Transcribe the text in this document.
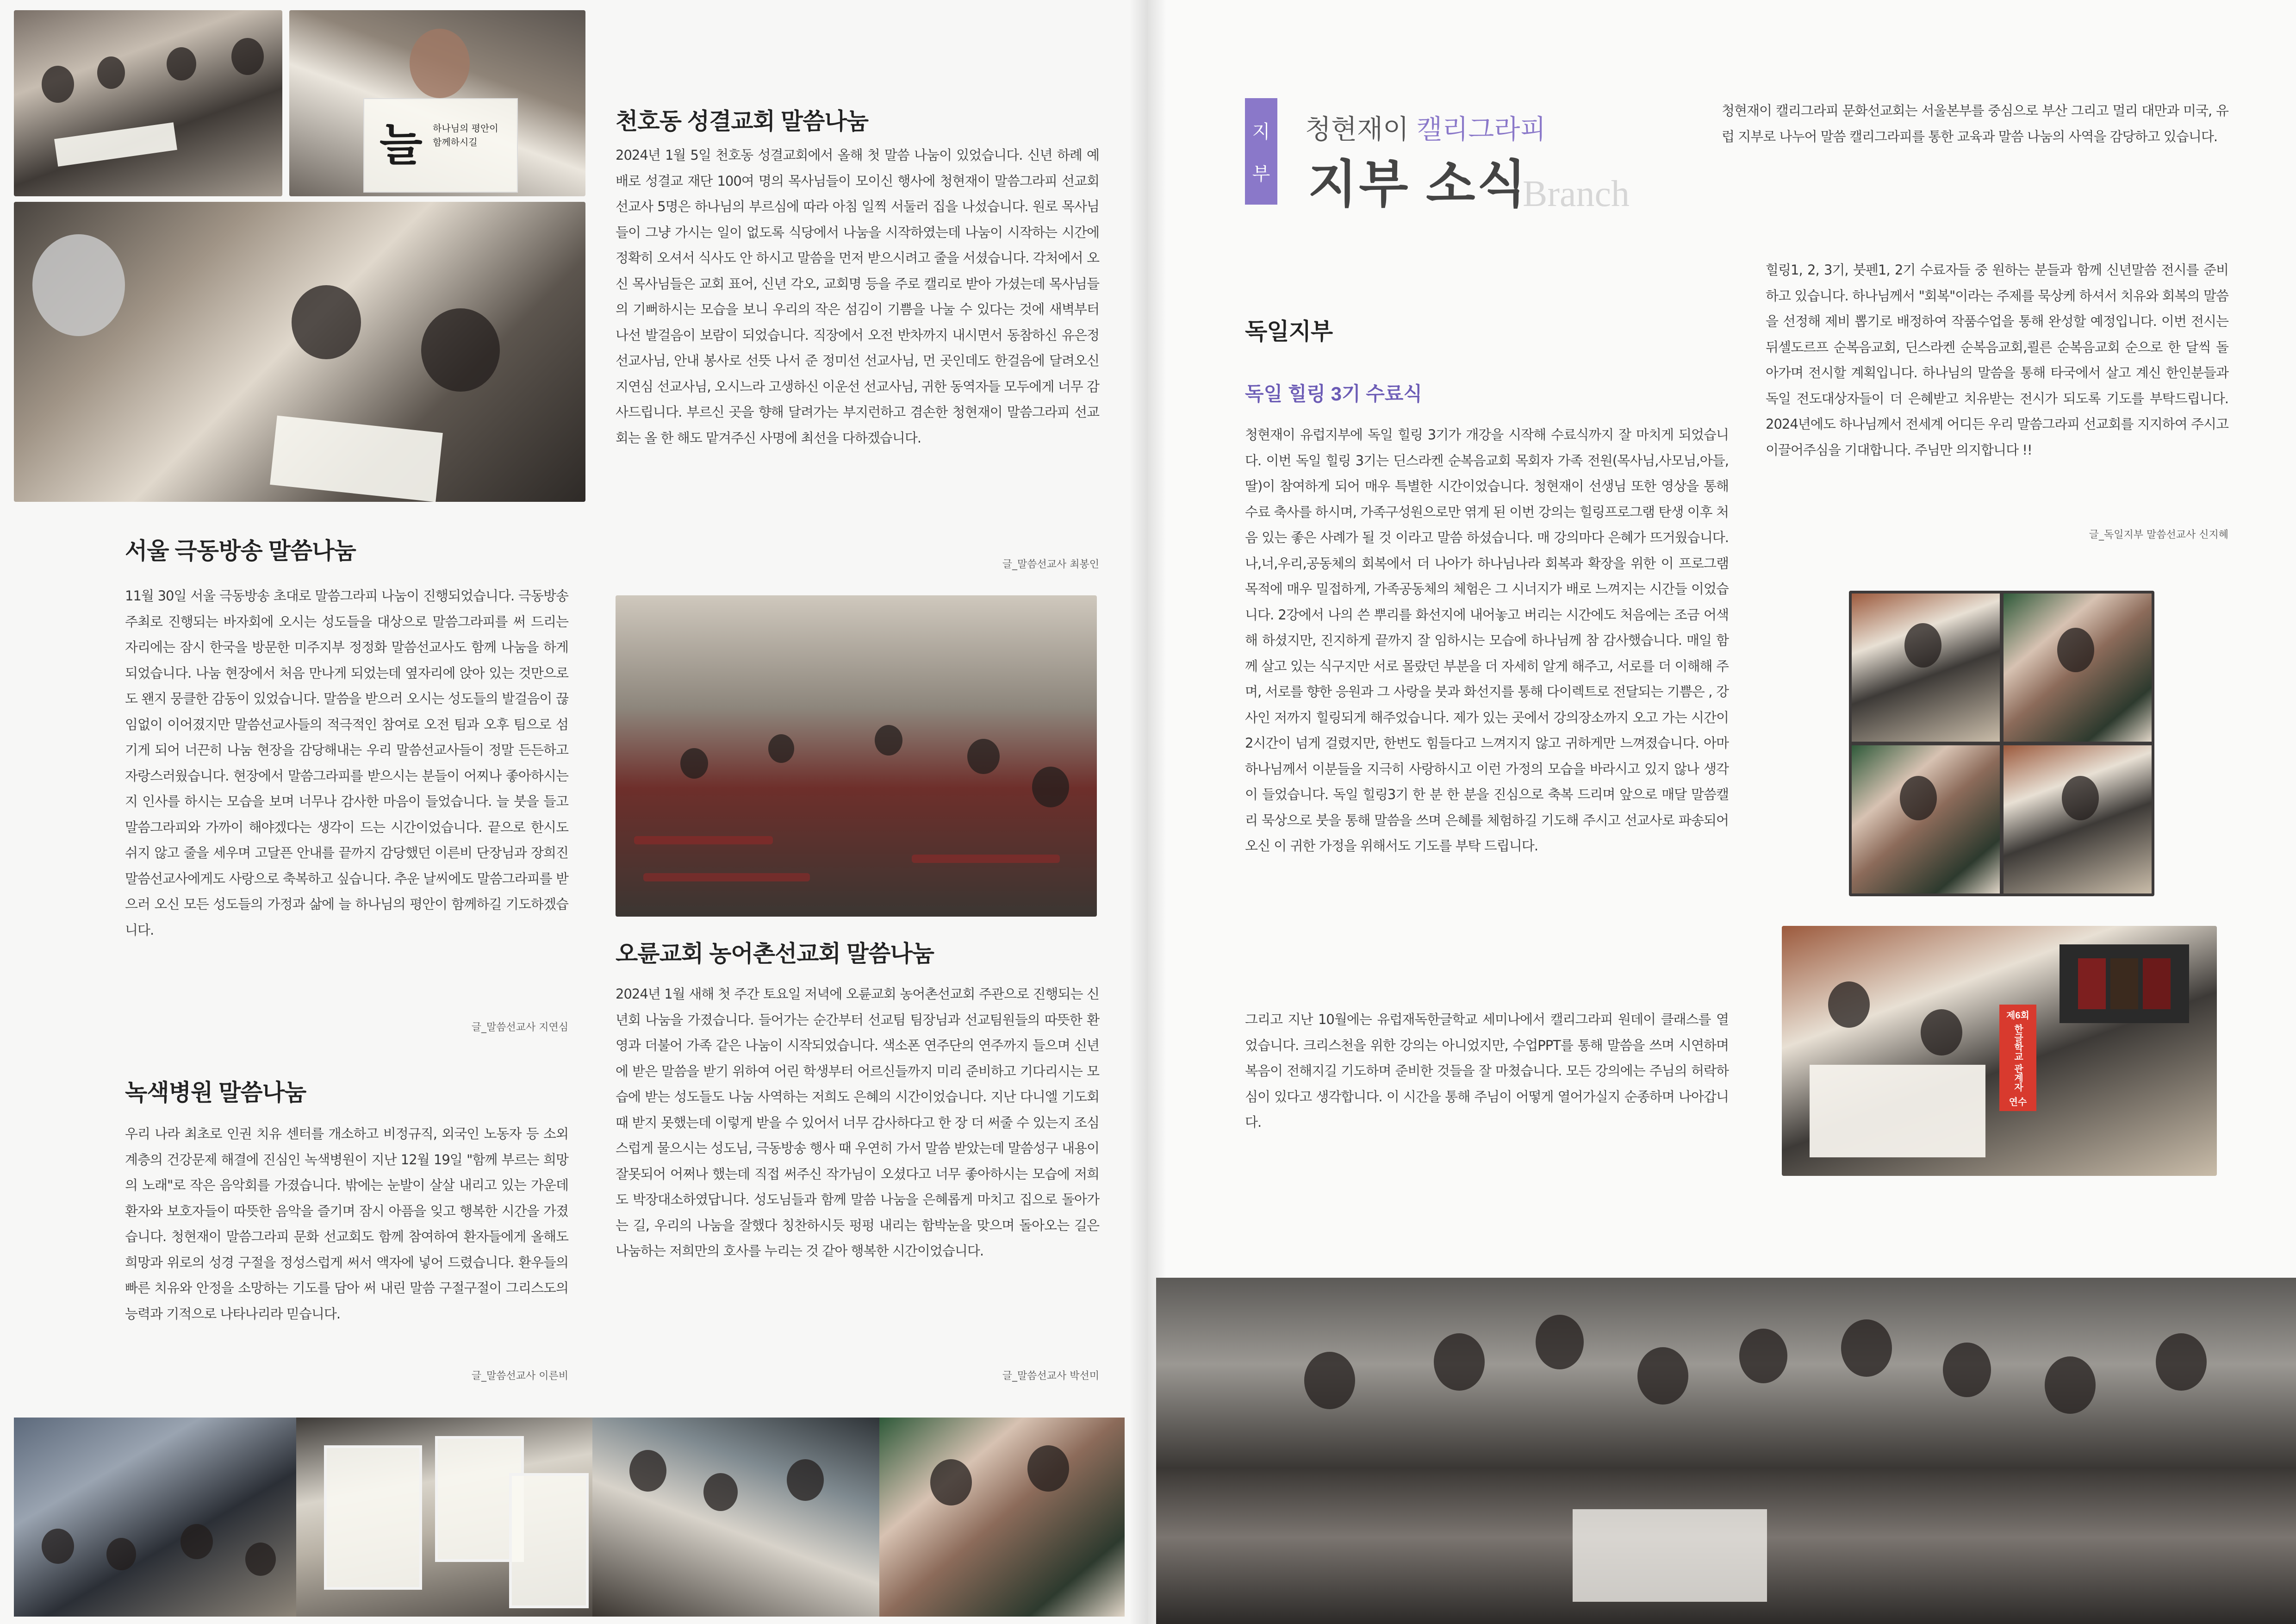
늘 하나님의 평안이 함께하시길
서울 극동방송 말씀나눔
11월 30일 서울 극동방송 초대로 말씀그라피 나눔이 진행되었습니다. 극동방송 주최로 진행되는 바자회에 오시는 성도들을 대상으로 말씀그라피를 써 드리는 자리에는 잠시 한국을 방문한 미주지부 정정화 말씀선교사도 함께 나눔을 하게 되었습니다. 나눔 현장에서 처음 만나게 되었는데 옆자리에 앉아 있는 것만으로도 왠지 뭉클한 감동이 있었습니다. 말씀을 받으러 오시는 성도들의 발걸음이 끊임없이 이어졌지만 말씀선교사들의 적극적인 참여로 오전 팀과 오후 팀으로 섬기게 되어 너끈히 나눔 현장을 감당해내는 우리 말씀선교사들이 정말 든든하고 자랑스러웠습니다. 현장에서 말씀그라피를 받으시는 분들이 어찌나 좋아하시는지 인사를 하시는 모습을 보며 너무나 감사한 마음이 들었습니다. 늘 붓을 들고 말씀그라피와 가까이 해야겠다는 생각이 드는 시간이었습니다. 끝으로 한시도 쉬지 않고 줄을 세우며 고달픈 안내를 끝까지 감당했던 이른비 단장님과 장희진 말씀선교사에게도 사랑으로 축복하고 싶습니다. 추운 날씨에도 말씀그라피를 받으러 오신 모든 성도들의 가정과 삶에 늘 하나님의 평안이 함께하길 기도하겠습니다.
글_말씀선교사 지연심
녹색병원 말씀나눔
우리 나라 최초로 인권 치유 센터를 개소하고 비정규직, 외국인 노동자 등 소외 계층의 건강문제 해결에 진심인 녹색병원이 지난 12월 19일 "함께 부르는 희망의 노래"로 작은 음악회를 가졌습니다. 밖에는 눈발이 살살 내리고 있는 가운데 환자와 보호자들이 따뜻한 음악을 즐기며 잠시 아픔을 잊고 행복한 시간을 가졌습니다. 청현재이 말씀그라피 문화 선교회도 함께 참여하여 환자들에게 올해도 희망과 위로의 성경 구절을 정성스럽게 써서 액자에 넣어 드렸습니다. 환우들의 빠른 치유와 안정을 소망하는 기도를 담아 써 내린 말씀 구절구절이 그리스도의 능력과 기적으로 나타나리라 믿습니다.
글_말씀선교사 이른비
천호동 성결교회 말씀나눔
2024년 1월 5일 천호동 성결교회에서 올해 첫 말씀 나눔이 있었습니다. 신년 하례 예배로 성결교 재단 100여 명의 목사님들이 모이신 행사에 청현재이 말씀그라피 선교회 선교사 5명은 하나님의 부르심에 따라 아침 일찍 서둘러 집을 나섰습니다. 원로 목사님들이 그냥 가시는 일이 없도록 식당에서 나눔을 시작하였는데 나눔이 시작하는 시간에 정확히 오셔서 식사도 안 하시고 말씀을 먼저 받으시려고 줄을 서셨습니다. 각처에서 오신 목사님들은 교회 표어, 신년 각오, 교회명 등을 주로 캘리로 받아 가셨는데 목사님들의 기뻐하시는 모습을 보니 우리의 작은 섬김이 기쁨을 나눌 수 있다는 것에 새벽부터 나선 발걸음이 보람이 되었습니다. 직장에서 오전 반차까지 내시면서 동참하신 유은정 선교사님, 안내 봉사로 선뜻 나서 준 정미선 선교사님, 먼 곳인데도 한걸음에 달려오신 지연심 선교사님, 오시느라 고생하신 이운선 선교사님, 귀한 동역자들 모두에게 너무 감사드립니다. 부르신 곳을 향해 달려가는 부지런하고 겸손한 청현재이 말씀그라피 선교회는 올 한 해도 맡겨주신 사명에 최선을 다하겠습니다.
글_말씀선교사 최봉인
오륜교회 농어촌선교회 말씀나눔
2024년 1월 새해 첫 주간 토요일 저녁에 오륜교회 농어촌선교회 주관으로 진행되는 신년회 나눔을 가졌습니다. 들어가는 순간부터 선교팀 팀장님과 선교팀원들의 따뜻한 환영과 더불어 가족 같은 나눔이 시작되었습니다. 색소폰 연주단의 연주까지 들으며 신년에 받은 말씀을 받기 위하여 어린 학생부터 어르신들까지 미리 준비하고 기다리시는 모습에 받는 성도들도 나눔 사역하는 저희도 은혜의 시간이었습니다. 지난 다니엘 기도회 때 받지 못했는데 이렇게 받을 수 있어서 너무 감사하다고 한 장 더 써줄 수 있는지 조심스럽게 물으시는 성도님, 극동방송 행사 때 우연히 가서 말씀 받았는데 말씀성구 내용이 잘못되어 어쩌나 했는데 직접 써주신 작가님이 오셨다고 너무 좋아하시는 모습에 저희도 박장대소하였답니다. 성도님들과 함께 말씀 나눔을 은혜롭게 마치고 집으로 돌아가는 길, 우리의 나눔을 잘했다 칭찬하시듯 펑펑 내리는 함박눈을 맞으며 돌아오는 길은 나눔하는 저희만의 호사를 누리는 것 같아 행복한 시간이었습니다.
글_말씀선교사 박선미
지
부
청현재이 캘리그라피
지부 소식
Branch
청현재이 캘리그라피 문화선교회는 서울본부를 중심으로 부산 그리고 멀리 대만과 미국, 유럽 지부로 나누어 말씀 캘리그라피를 통한 교육과 말씀 나눔의 사역을 감당하고 있습니다.
독일지부
독일 힐링 3기 수료식
청현재이 유럽지부에 독일 힐링 3기가 개강을 시작해 수료식까지 잘 마치게 되었습니다. 이번 독일 힐링 3기는 딘스라켄 순복음교회 목회자 가족 전원(목사님,사모님,아들,딸)이 참여하게 되어 매우 특별한 시간이었습니다. 청현재이 선생님 또한 영상을 통해 수료 축사를 하시며, 가족구성원으로만 엮게 된 이번 강의는 힐링프로그램 탄생 이후 처음 있는 좋은 사례가 될 것 이라고 말씀 하셨습니다. 매 강의마다 은혜가 뜨거웠습니다. 나,너,우리,공동체의 회복에서 더 나아가 하나님나라 회복과 확장을 위한 이 프로그램 목적에 매우 밀접하게, 가족공동체의 체험은 그 시너지가 배로 느껴지는 시간들 이었습니다. 2강에서 나의 쓴 뿌리를 화선지에 내어놓고 버리는 시간에도 처음에는 조금 어색해 하셨지만, 진지하게 끝까지 잘 임하시는 모습에 하나님께 참 감사했습니다. 매일 함께 살고 있는 식구지만 서로 몰랐던 부분을 더 자세히 알게 해주고, 서로를 더 이해해 주며, 서로를 향한 응원과 그 사랑을 붓과 화선지를 통해 다이렉트로 전달되는 기쁨은 , 강사인 저까지 힐링되게 해주었습니다. 제가 있는 곳에서 강의장소까지 오고 가는 시간이 2시간이 넘게 걸렸지만, 한번도 힘들다고 느껴지지 않고 귀하게만 느껴졌습니다. 아마 하나님께서 이분들을 지극히 사랑하시고 이런 가정의 모습을 바라시고 있지 않나 생각이 들었습니다. 독일 힐링3기 한 분 한 분을 진심으로 축복 드리며 앞으로 매달 말씀캘리 묵상으로 붓을 통해 말씀을 쓰며 은혜를 체험하길 기도해 주시고 선교사로 파송되어 오신 이 귀한 가정을 위해서도 기도를 부탁 드립니다.
그리고 지난 10월에는 유럽재독한글학교 세미나에서 캘리그라피 원데이 클래스를 열었습니다. 크리스천을 위한 강의는 아니었지만, 수업PPT를 통해 말씀을 쓰며 시연하며 복음이 전해지길 기도하며 준비한 것들을 잘 마쳤습니다. 모든 강의에는 주님의 허락하심이 있다고 생각합니다. 이 시간을 통해 주님이 어떻게 열어가실지 순종하며 나아갑니다.
힐링1, 2, 3기, 붓펜1, 2기 수료자들 중 원하는 분들과 함께 신년말씀 전시를 준비하고 있습니다. 하나님께서 "회복"이라는 주제를 묵상케 하셔서 치유와 회복의 말씀을 선정해 제비 뽑기로 배정하여 작품수업을 통해 완성할 예정입니다. 이번 전시는 뒤셀도르프 순복음교회, 딘스라켄 순복음교회,쾰른 순복음교회 순으로 한 달씩 돌아가며 전시할 계획입니다. 하나님의 말씀을 통해 타국에서 살고 계신 한인분들과 독일 전도대상자들이 더 은혜받고 치유받는 전시가 되도록 기도를 부탁드립니다. 2024년에도 하나님께서 전세계 어디든 우리 말씀그라피 선교회를 지지하여 주시고 이끌어주심을 기대합니다. 주님만 의지합니다 !!
글_독일지부 말씀선교사 신지혜
제6회
한글학교
관계자
연수
